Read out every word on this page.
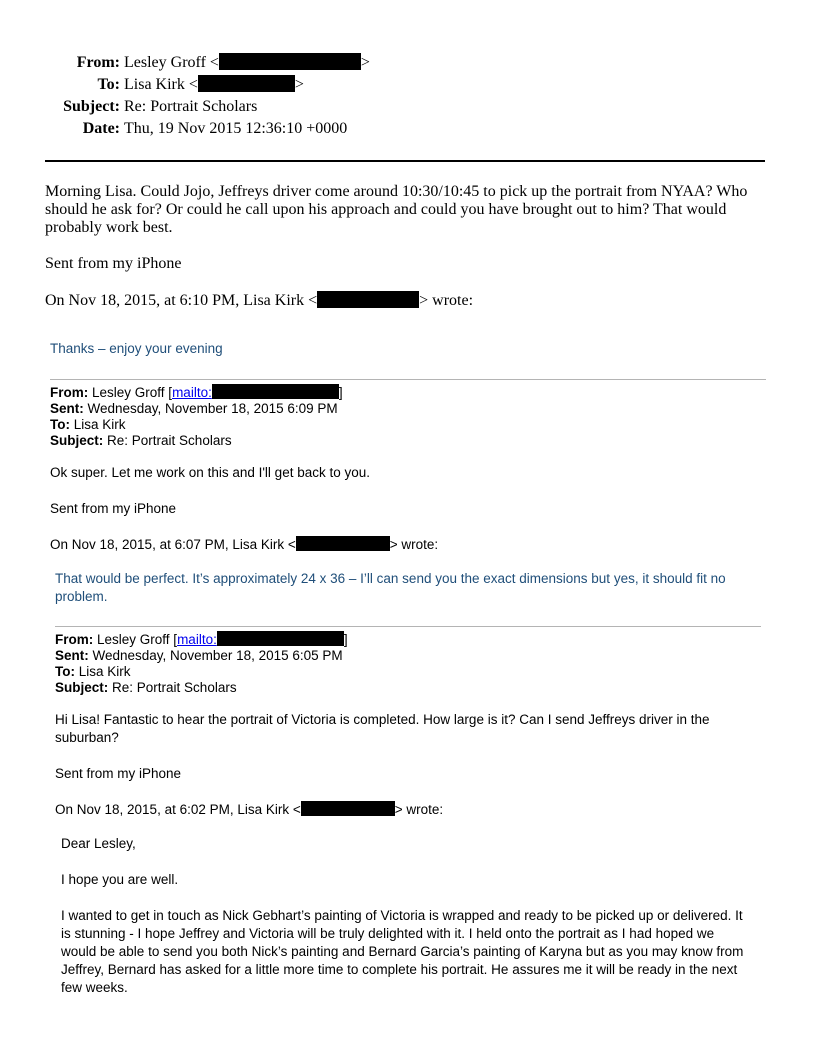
From: Lesley Groff <	>
To: Lisa Kirk <	>
Subject: Re: Portrait Scholars
Date: Thu, 19 Nov 2015 12:36:10 +0000
Morning Lisa. Could Jojo, Jeffreys driver come around 10:30/10:45 to pick up the portrait from NYAA? Who should he ask for? Or could he call upon his approach and could you have brought out to him? That would probably work best.
Sent from my iPhone
On Nov 18, 2015, at 6:10 PM, Lisa Kirk <	> wrote:
Thanks – enjoy your evening
From: Lesley Groff [mailto:	]
Sent: Wednesday, November 18, 2015 6:09 PM
To: Lisa Kirk
Subject: Re: Portrait Scholars
Ok super. Let me work on this and I'll get back to you.
Sent from my iPhone
On Nov 18, 2015, at 6:07 PM, Lisa Kirk <	> wrote:
That would be perfect. It’s approximately 24 x 36 – I’ll can send you the exact dimensions but yes, it should fit no problem.
From: Lesley Groff [mailto:	]
Sent: Wednesday, November 18, 2015 6:05 PM
To: Lisa Kirk
Subject: Re: Portrait Scholars
Hi Lisa! Fantastic to hear the portrait of Victoria is completed. How large is it? Can I send Jeffreys driver in the suburban?
Sent from my iPhone
On Nov 18, 2015, at 6:02 PM, Lisa Kirk <	> wrote:
Dear Lesley,
I hope you are well.
I wanted to get in touch as Nick Gebhart’s painting of Victoria is wrapped and ready to be picked up or delivered. It is stunning - I hope Jeffrey and Victoria will be truly delighted with it. I held onto the portrait as I had hoped we would be able to send you both Nick’s painting and Bernard Garcia’s painting of Karyna but as you may know from Jeffrey, Bernard has asked for a little more time to complete his portrait. He assures me it will be ready in the next few weeks.
